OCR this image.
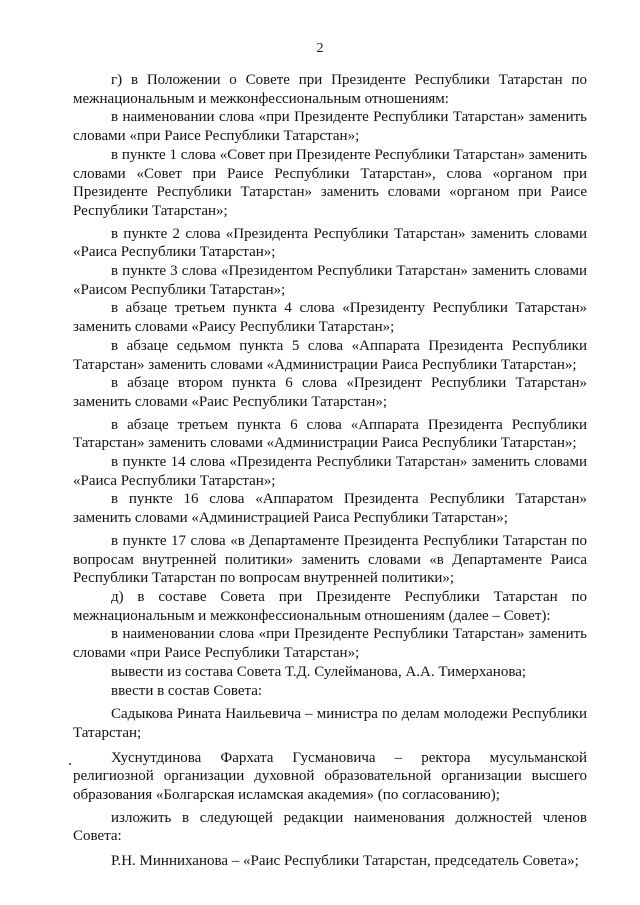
2

г) в Положении о Совете при Президенте Республики Татарстан по межнациональным и межконфессиональным отношениям:

в наименовании слова «при Президенте Республики Татарстан» заменить словами «при Раисе Республики Татарстан»;

в пункте 1 слова «Совет при Президенте Республики Татарстан» заменить словами «Совет при Раисе Республики Татарстан», слова «органом при Президенте Республики Татарстан» заменить словами «органом при Раисе Республики Татарстан»;

в пункте 2 слова «Президента Республики Татарстан» заменить словами «Раиса Республики Татарстан»;

в пункте 3 слова «Президентом Республики Татарстан» заменить словами «Раисом Республики Татарстан»;

в абзаце третьем пункта 4 слова «Президенту Республики Татарстан» заменить словами «Раису Республики Татарстан»;

в абзаце седьмом пункта 5 слова «Аппарата Президента Республики Татарстан» заменить словами «Администрации Раиса Республики Татарстан»;

в абзаце втором пункта 6 слова «Президент Республики Татарстан» заменить словами «Раис Республики Татарстан»;

в абзаце третьем пункта 6 слова «Аппарата Президента Республики Татарстан» заменить словами «Администрации Раиса Республики Татарстан»;

в пункте 14 слова «Президента Республики Татарстан» заменить словами «Раиса Республики Татарстан»;

в пункте 16 слова «Аппаратом Президента Республики Татарстан» заменить словами «Администрацией Раиса Республики Татарстан»;

в пункте 17 слова «в Департаменте Президента Республики Татарстан по вопросам внутренней политики» заменить словами «в Департаменте Раиса Республики Татарстан по вопросам внутренней политики»;

д) в составе Совета при Президенте Республики Татарстан по межнациональным и межконфессиональным отношениям (далее – Совет):

в наименовании слова «при Президенте Республики Татарстан» заменить словами «при Раисе Республики Татарстан»;

вывести из состава Совета Т.Д. Сулейманова, А.А. Тимерханова;

ввести в состав Совета:

Садыкова Рината Наильевича – министра по делам молодежи Республики Татарстан;

Хуснутдинова Фархата Гусмановича – ректора мусульманской религиозной организации духовной образовательной организации высшего образования «Болгарская исламская академия» (по согласованию);

изложить в следующей редакции наименования должностей членов Совета:

Р.Н. Минниханова – «Раис Республики Татарстан, председатель Совета»;
